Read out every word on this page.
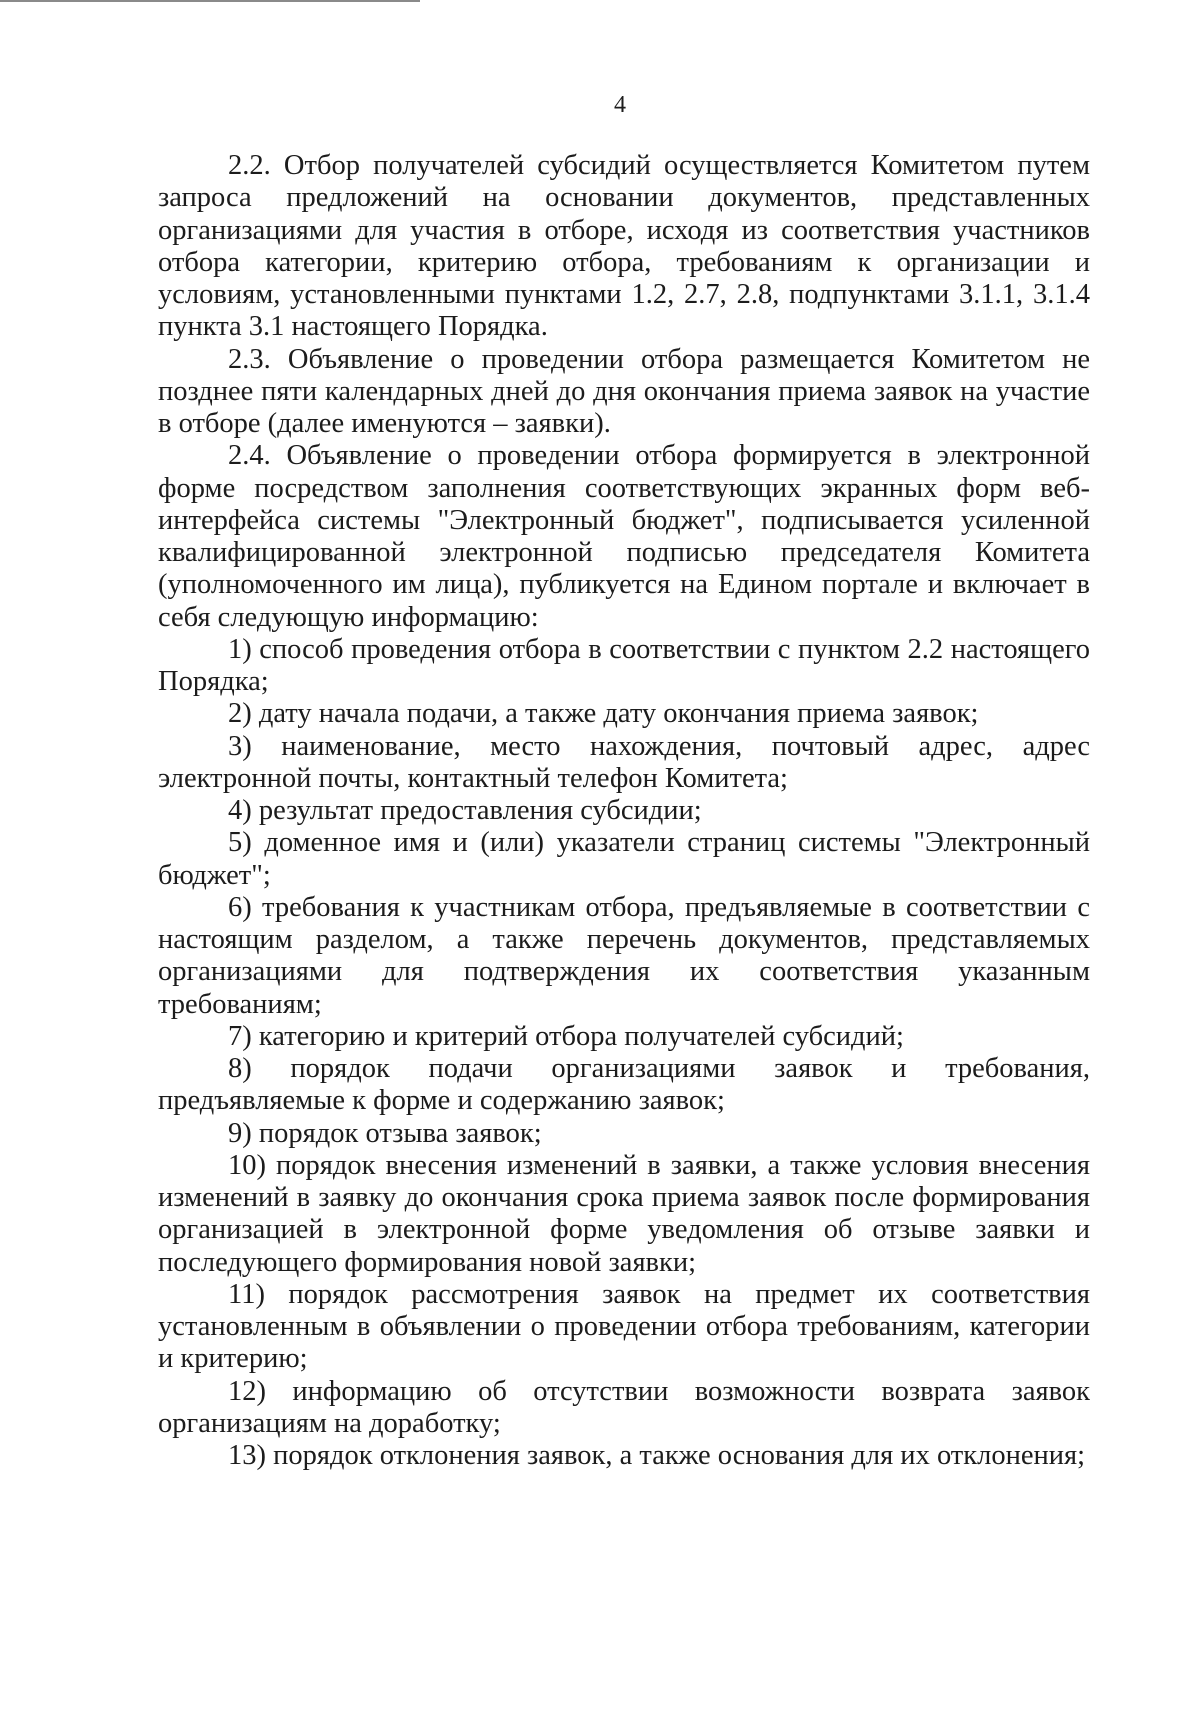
4

2.2. Отбор получателей субсидий осуществляется Комитетом путем запроса предложений на основании документов, представленных организациями для участия в отборе, исходя из соответствия участников отбора категории, критерию отбора, требованиям к организации и условиям, установленными пунктами 1.2, 2.7, 2.8, подпунктами 3.1.1, 3.1.4 пункта 3.1 настоящего Порядка.

2.3. Объявление о проведении отбора размещается Комитетом не позднее пяти календарных дней до дня окончания приема заявок на участие в отборе (далее именуются – заявки).

2.4. Объявление о проведении отбора формируется в электронной форме посредством заполнения соответствующих экранных форм веб-интерфейса системы "Электронный бюджет", подписывается усиленной квалифицированной электронной подписью председателя Комитета (уполномоченного им лица), публикуется на Едином портале и включает в себя следующую информацию:

1) способ проведения отбора в соответствии с пунктом 2.2 настоящего Порядка;

2) дату начала подачи, а также дату окончания приема заявок;

3) наименование, место нахождения, почтовый адрес, адрес электронной почты, контактный телефон Комитета;

4) результат предоставления субсидии;

5) доменное имя и (или) указатели страниц системы "Электронный бюджет";

6) требования к участникам отбора, предъявляемые в соответствии с настоящим разделом, а также перечень документов, представляемых организациями для подтверждения их соответствия указанным требованиям;

7) категорию и критерий отбора получателей субсидий;

8) порядок подачи организациями заявок и требования, предъявляемые к форме и содержанию заявок;

9) порядок отзыва заявок;

10) порядок внесения изменений в заявки, а также условия внесения изменений в заявку до окончания срока приема заявок после формирования организацией в электронной форме уведомления об отзыве заявки и последующего формирования новой заявки;

11) порядок рассмотрения заявок на предмет их соответствия установленным в объявлении о проведении отбора требованиям, категории и критерию;

12) информацию об отсутствии возможности возврата заявок организациям на доработку;

13) порядок отклонения заявок, а также основания для их отклонения;
